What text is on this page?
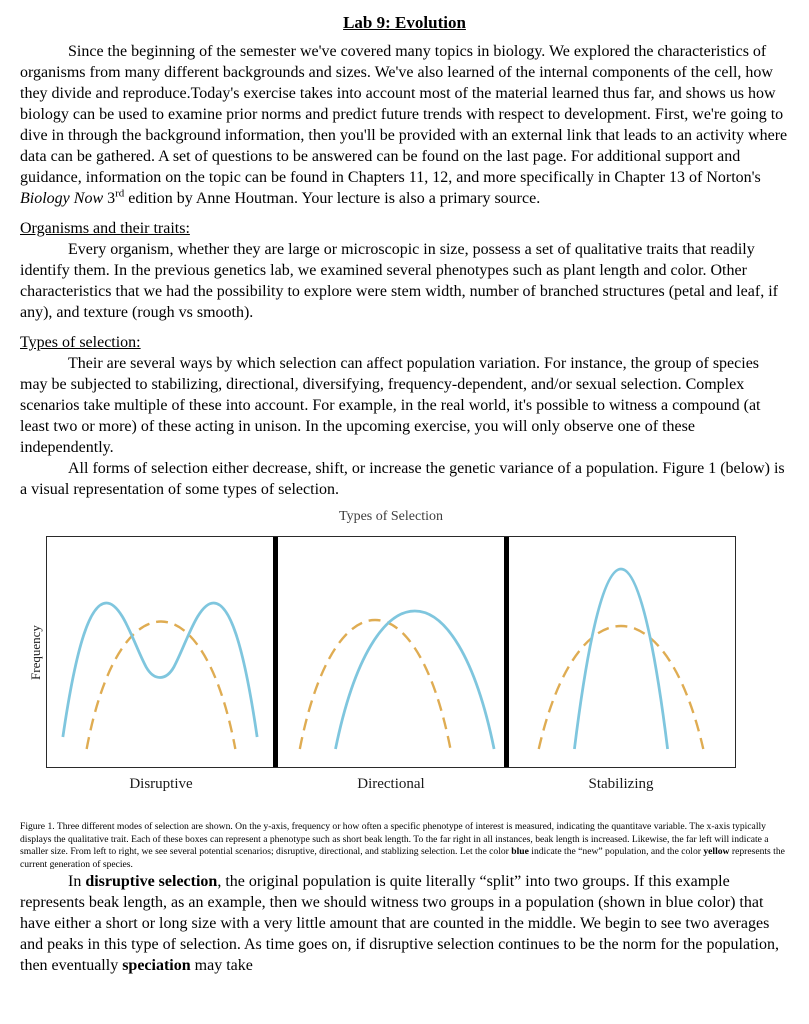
Lab 9: Evolution

Since the beginning of the semester we've covered many topics in biology. We explored the characteristics of organisms from many different backgrounds and sizes. We've also learned of the internal components of the cell, how they divide and reproduce.Today's exercise takes into account most of the material learned thus far, and shows us how biology can be used to examine prior norms and predict future trends with respect to development. First, we're going to dive in through the background information, then you'll be provided with an external link that leads to an activity where data can be gathered. A set of questions to be answered can be found on the last page. For additional support and guidance, information on the topic can be found in Chapters 11, 12, and more specifically in Chapter 13 of Norton's Biology Now 3rd edition by Anne Houtman. Your lecture is also a primary source.

Organisms and their traits:

Every organism, whether they are large or microscopic in size, possess a set of qualitative traits that readily identify them. In the previous genetics lab, we examined several phenotypes such as plant length and color. Other characteristics that we had the possibility to explore were stem width, number of branched structures (petal and leaf, if any), and texture (rough vs smooth).

Types of selection:

Their are several ways by which selection can affect population variation. For instance, the group of species may be subjected to stabilizing, directional, diversifying, frequency-dependent, and/or sexual selection. Complex scenarios take multiple of these into account. For example, in the real world, it's possible to witness a compound (at least two or more) of these acting in unison. In the upcoming exercise, you will only observe one of these independently.

All forms of selection either decrease, shift, or increase the genetic variance of a population. Figure 1 (below) is a visual representation of some types of selection.

Types of Selection
Frequency
Disruptive	Directional	Stabilizing

Figure 1. Three different modes of selection are shown. On the y-axis, frequency or how often a specific phenotype of interest is measured, indicating the quantitave variable. The x-axis typically displays the qualitative trait. Each of these boxes can represent a phenotype such as short beak length. To the far right in all instances, beak length is increased. Likewise, the far left will indicate a smaller size. From left to right, we see several potential scenarios; disruptive, directional, and stablizing selection. Let the color blue indicate the “new” population, and the color yellow represents the current generation of species.

In disruptive selection, the original population is quite literally “split” into two groups. If this example represents beak length, as an example, then we should witness two groups in a population (shown in blue color) that have either a short or long size with a very little amount that are counted in the middle. We begin to see two averages and peaks in this type of selection. As time goes on, if disruptive selection continues to be the norm for the population, then eventually speciation may take
